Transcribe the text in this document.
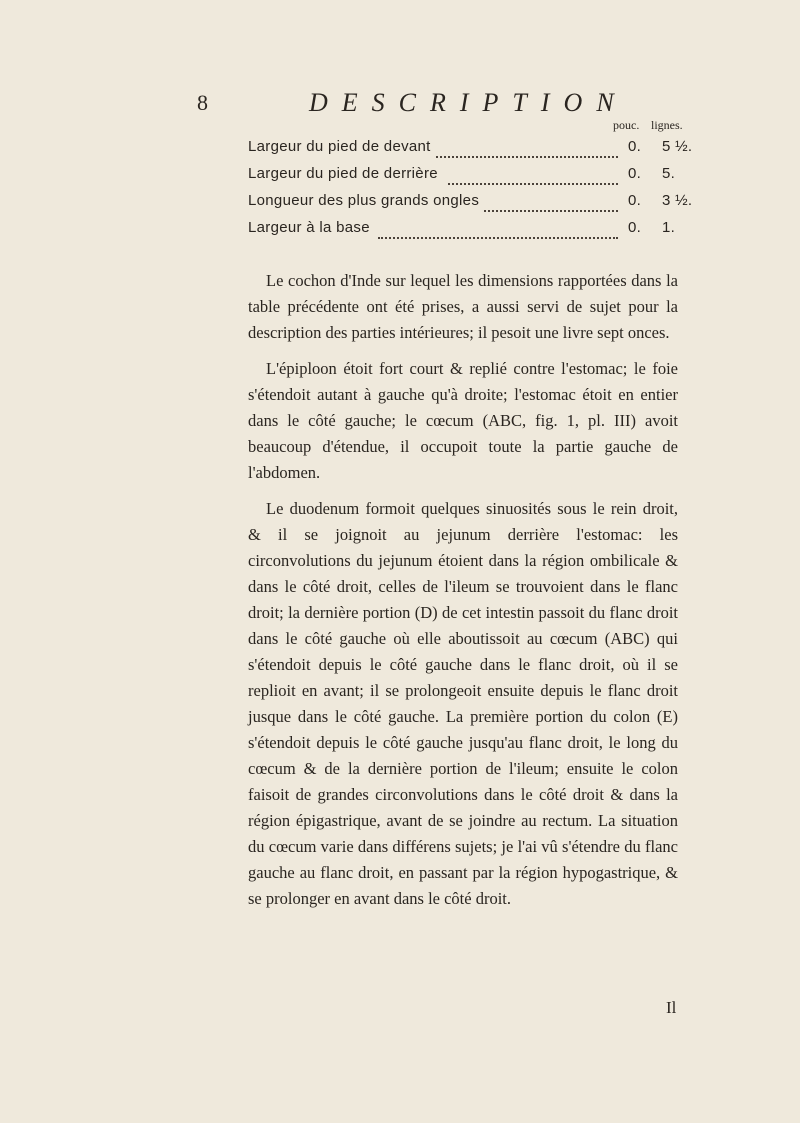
8	DESCRIPTION
pouc. lignes.
Largeur du pied de devant	0. 5 ½.
Largeur du pied de derrière	0. 5.
Longueur des plus grands ongles	0. 3 ½.
Largeur à la base	0. 1.

Le cochon d'Inde sur lequel les dimensions rapportées dans la table précédente ont été prises, a aussi servi de sujet pour la description des parties intérieures; il pesoit une livre sept onces.

L'épiploon étoit fort court & replié contre l'estomac; le foie s'étendoit autant à gauche qu'à droite; l'estomac étoit en entier dans le côté gauche; le cœcum (ABC, fig. 1, pl. III) avoit beaucoup d'étendue, il occupoit toute la partie gauche de l'abdomen.

Le duodenum formoit quelques sinuosités sous le rein droit, & il se joignoit au jejunum derrière l'estomac: les circonvolutions du jejunum étoient dans la région ombilicale & dans le côté droit, celles de l'ileum se trouvoient dans le flanc droit; la dernière portion (D) de cet intestin passoit du flanc droit dans le côté gauche où elle aboutissoit au cœcum (ABC) qui s'étendoit depuis le côté gauche dans le flanc droit, où il se replioit en avant; il se prolongeoit ensuite depuis le flanc droit jusque dans le côté gauche. La première portion du colon (E) s'étendoit depuis le côté gauche jusqu'au flanc droit, le long du cœcum & de la dernière portion de l'ileum; ensuite le colon faisoit de grandes circonvolutions dans le côté droit & dans la région épigastrique, avant de se joindre au rectum. La situation du cœcum varie dans différens sujets; je l'ai vû s'étendre du flanc gauche au flanc droit, en passant par la région hypogastrique, & se prolonger en avant dans le côté droit.

Il
